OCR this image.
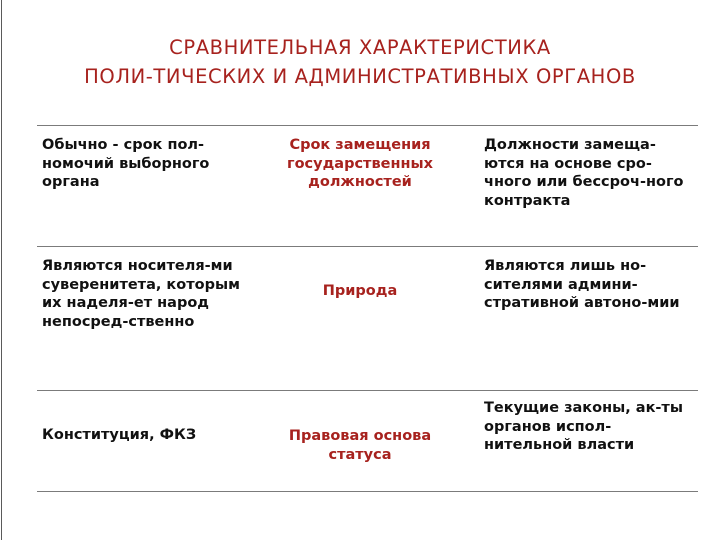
СРАВНИТЕЛЬНАЯ ХАРАКТЕРИСТИКА
ПОЛИ-ТИЧЕСКИХ И АДМИНИСТРАТИВНЫХ ОРГАНОВ

Обычно - срок пол-номочий выборного органа

Срок замещения государственных должностей

Должности замеща-ются на основе сро-чного или бессроч-ного контракта

Являются носителя-ми суверенитета, которым их наделя-ет народ непосред-ственно

Природа

Являются лишь но-сителями админи-стративной автоно-мии

Конституция, ФКЗ	Правовая основа статуса

Текущие законы, ак-ты органов испол-нительной власти
